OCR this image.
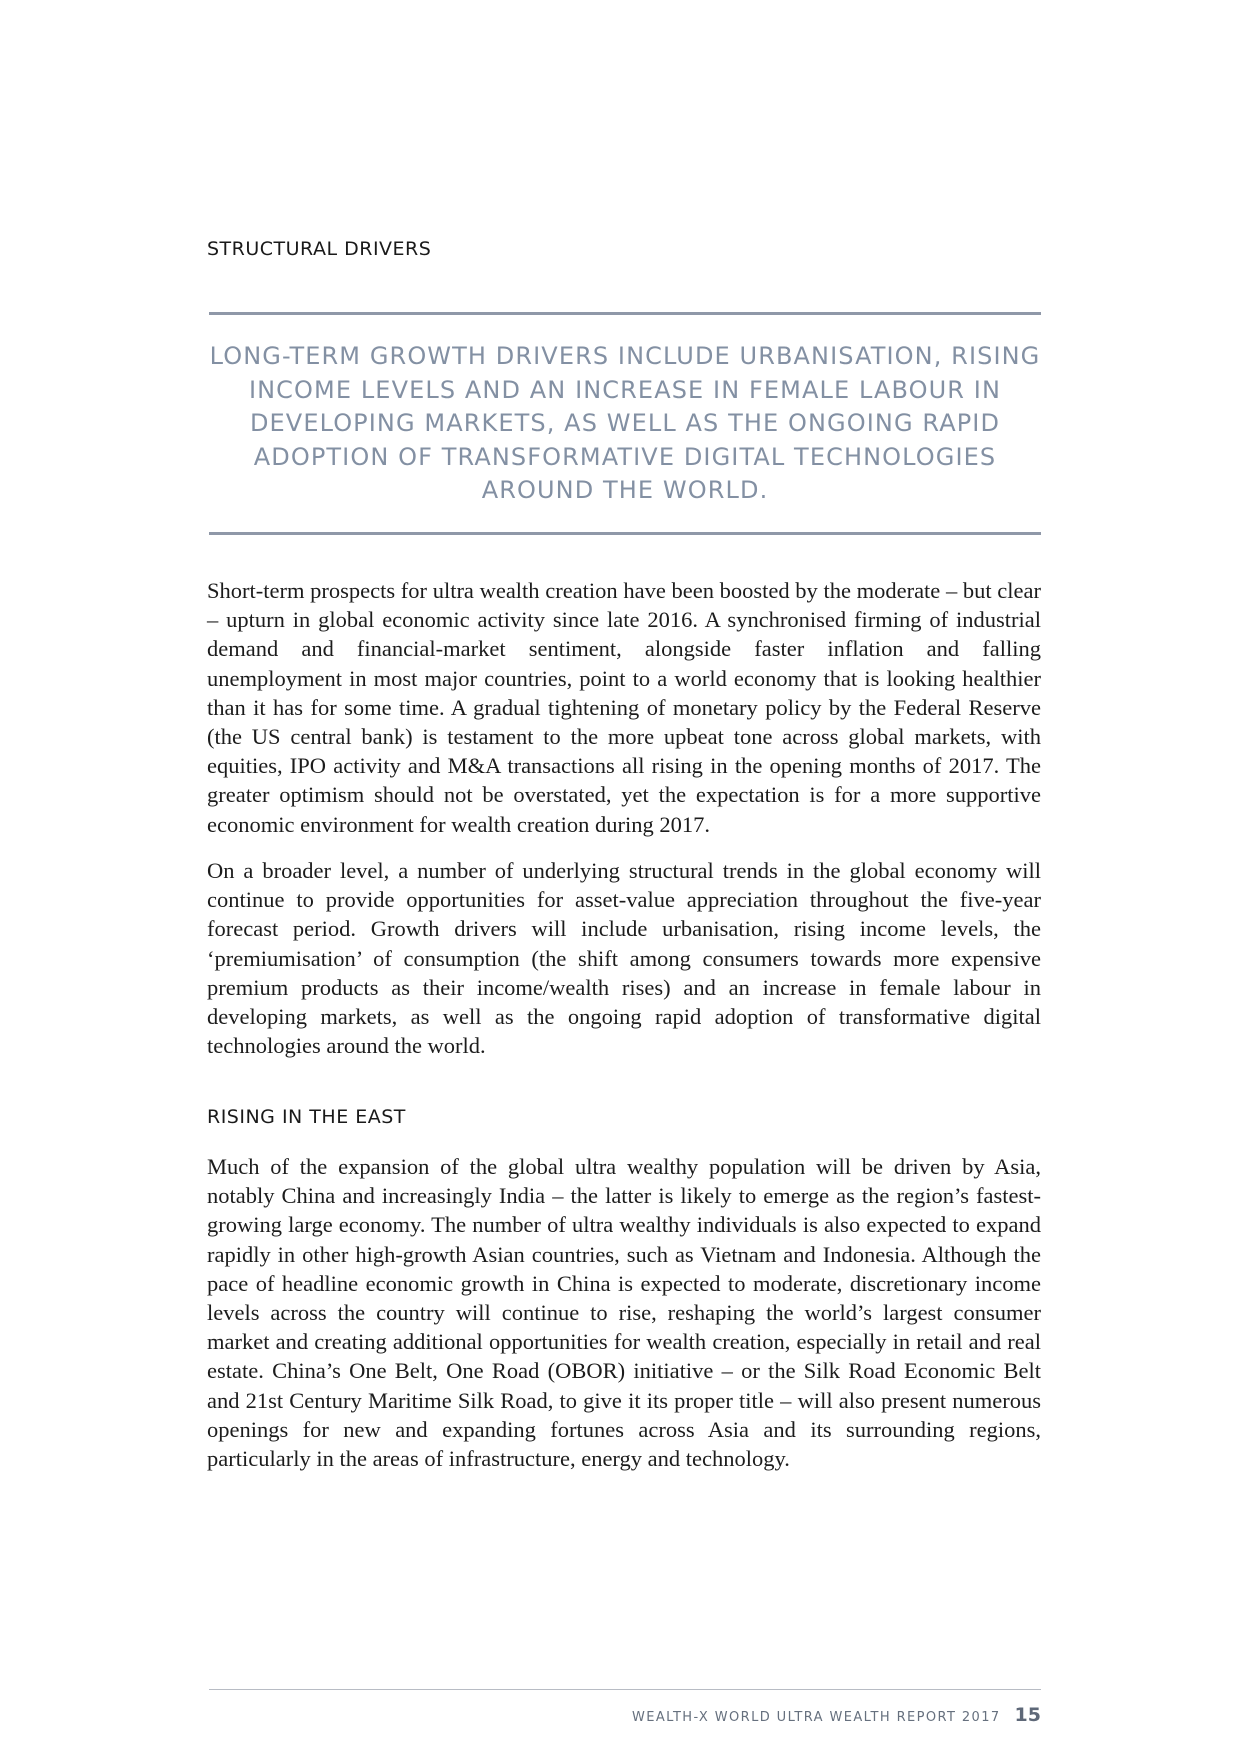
STRUCTURAL DRIVERS

LONG-TERM GROWTH DRIVERS INCLUDE URBANISATION, RISING INCOME LEVELS AND AN INCREASE IN FEMALE LABOUR IN DEVELOPING MARKETS, AS WELL AS THE ONGOING RAPID ADOPTION OF TRANSFORMATIVE DIGITAL TECHNOLOGIES AROUND THE WORLD.

Short-term prospects for ultra wealth creation have been boosted by the moderate – but clear – upturn in global economic activity since late 2016. A synchronised firming of industrial demand and financial-market sentiment, alongside faster inflation and falling unemployment in most major countries, point to a world economy that is looking healthier than it has for some time. A gradual tightening of monetary policy by the Federal Reserve (the US central bank) is testament to the more upbeat tone across global markets, with equities, IPO activity and M&A transactions all rising in the opening months of 2017. The greater optimism should not be overstated, yet the expectation is for a more supportive economic environment for wealth creation during 2017.

On a broader level, a number of underlying structural trends in the global economy will continue to provide opportunities for asset-value appreciation throughout the five-year forecast period. Growth drivers will include urbanisation, rising income levels, the ‘premiumisation’ of consumption (the shift among consumers towards more expensive premium products as their income/wealth rises) and an increase in female labour in developing markets, as well as the ongoing rapid adoption of transformative digital technologies around the world.

RISING IN THE EAST

Much of the expansion of the global ultra wealthy population will be driven by Asia, notably China and increasingly India – the latter is likely to emerge as the region’s fastest-growing large economy. The number of ultra wealthy individuals is also expected to expand rapidly in other high-growth Asian countries, such as Vietnam and Indonesia. Although the pace of headline economic growth in China is expected to moderate, discretionary income levels across the country will continue to rise, reshaping the world’s largest consumer market and creating additional opportunities for wealth creation, especially in retail and real estate. China’s One Belt, One Road (OBOR) initiative – or the Silk Road Economic Belt and 21st Century Maritime Silk Road, to give it its proper title – will also present numerous openings for new and expanding fortunes across Asia and its surrounding regions, particularly in the areas of infrastructure, energy and technology.

WEALTH-X WORLD ULTRA WEALTH REPORT 2017 15
